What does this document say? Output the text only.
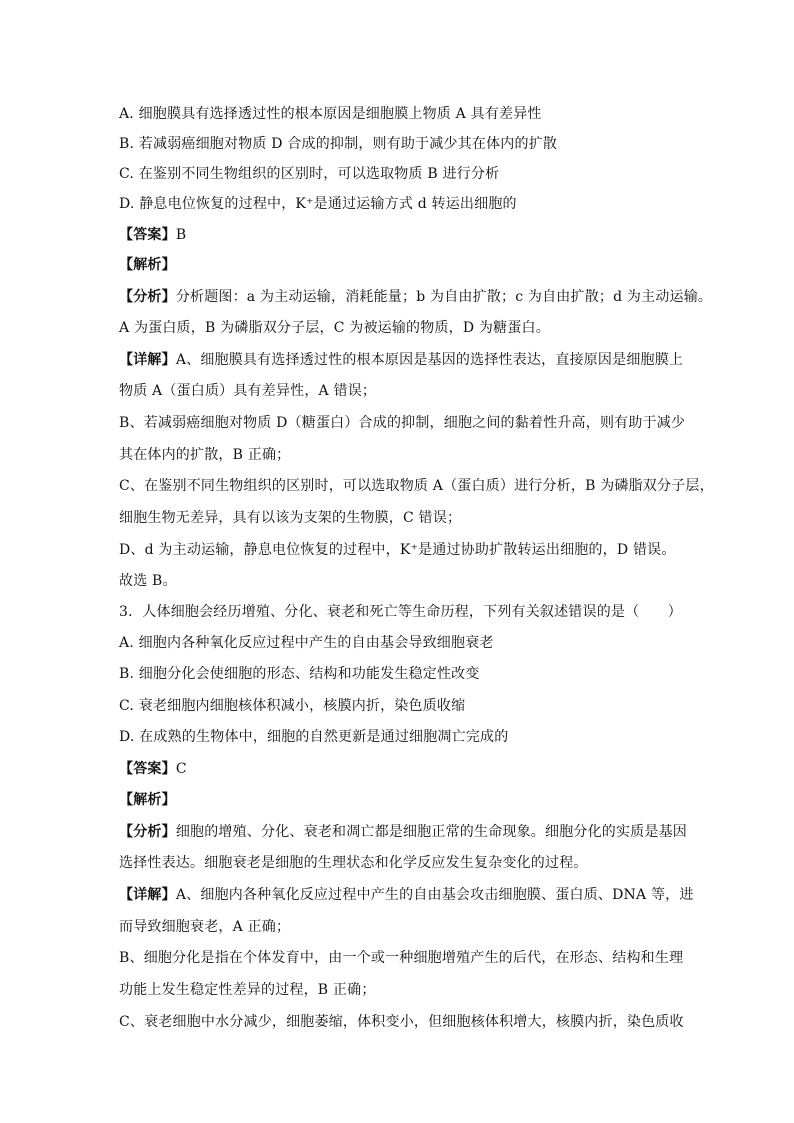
A. 细胞膜具有选择透过性的根本原因是细胞膜上物质 A 具有差异性
B. 若减弱癌细胞对物质 D 合成的抑制，则有助于减少其在体内的扩散
C. 在鉴别不同生物组织的区别时，可以选取物质 B 进行分析
D. 静息电位恢复的过程中，K⁺是通过运输方式 d 转运出细胞的
【答案】B
【解析】
【分析】分析题图：a 为主动运输，消耗能量；b 为自由扩散；c 为自由扩散；d 为主动运输。
A 为蛋白质，B 为磷脂双分子层，C 为被运输的物质，D 为糖蛋白。
【详解】A、细胞膜具有选择透过性的根本原因是基因的选择性表达，直接原因是细胞膜上
物质 A（蛋白质）具有差异性，A 错误；
B、若减弱癌细胞对物质 D（糖蛋白）合成的抑制，细胞之间的黏着性升高，则有助于减少
其在体内的扩散，B 正确；
C、在鉴别不同生物组织的区别时，可以选取物质 A（蛋白质）进行分析，B 为磷脂双分子层，
细胞生物无差异，具有以该为支架的生物膜，C 错误；
D、d 为主动运输，静息电位恢复的过程中，K⁺是通过协助扩散转运出细胞的，D 错误。
故选 B。
3．人体细胞会经历增殖、分化、衰老和死亡等生命历程，下列有关叙述错误的是（　　）
A. 细胞内各种氧化反应过程中产生的自由基会导致细胞衰老
B. 细胞分化会使细胞的形态、结构和功能发生稳定性改变
C. 衰老细胞内细胞核体积减小，核膜内折，染色质收缩
D. 在成熟的生物体中，细胞的自然更新是通过细胞凋亡完成的
【答案】C
【解析】
【分析】细胞的增殖、分化、衰老和凋亡都是细胞正常的生命现象。细胞分化的实质是基因
选择性表达。细胞衰老是细胞的生理状态和化学反应发生复杂变化的过程。
【详解】A、细胞内各种氧化反应过程中产生的自由基会攻击细胞膜、蛋白质、DNA 等，进
而导致细胞衰老，A 正确；
B、细胞分化是指在个体发育中，由一个或一种细胞增殖产生的后代，在形态、结构和生理
功能上发生稳定性差异的过程，B 正确；
C、衰老细胞中水分减少，细胞萎缩，体积变小，但细胞核体积增大，核膜内折，染色质收
